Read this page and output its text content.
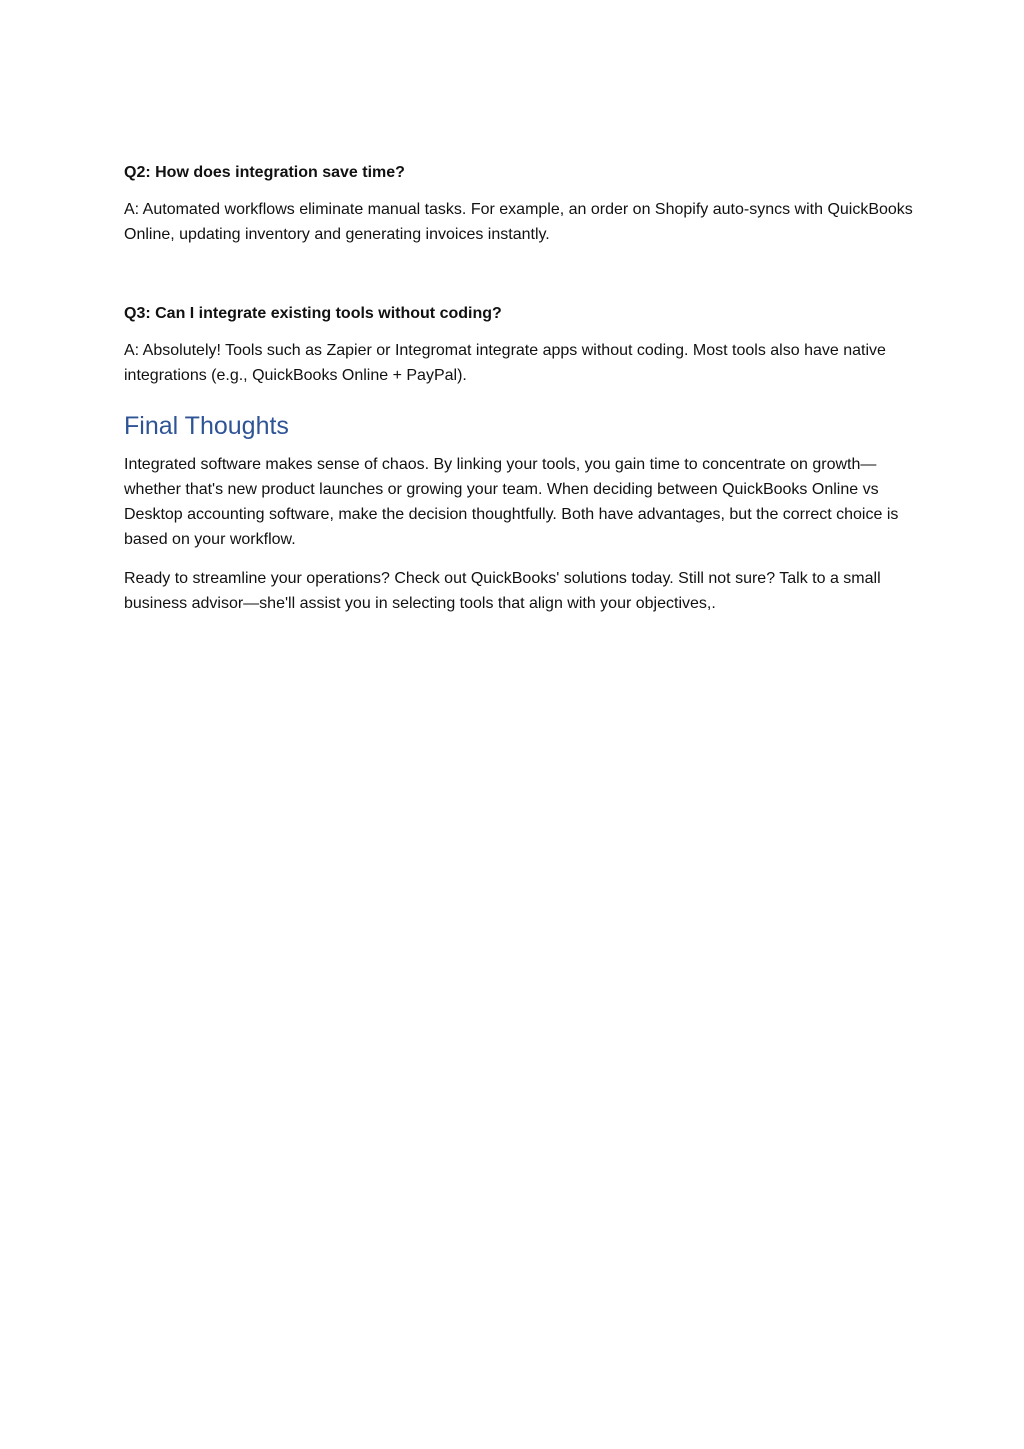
Q2: How does integration save time?

A: Automated workflows eliminate manual tasks. For example, an order on Shopify auto-syncs with QuickBooks Online, updating inventory and generating invoices instantly.

Q3: Can I integrate existing tools without coding?

A: Absolutely! Tools such as Zapier or Integromat integrate apps without coding. Most tools also have native integrations (e.g., QuickBooks Online + PayPal).

Final Thoughts

Integrated software makes sense of chaos. By linking your tools, you gain time to concentrate on growth—whether that's new product launches or growing your team. When deciding between QuickBooks Online vs Desktop accounting software, make the decision thoughtfully. Both have advantages, but the correct choice is based on your workflow.

Ready to streamline your operations? Check out QuickBooks' solutions today. Still not sure? Talk to a small business advisor—she'll assist you in selecting tools that align with your objectives,.
